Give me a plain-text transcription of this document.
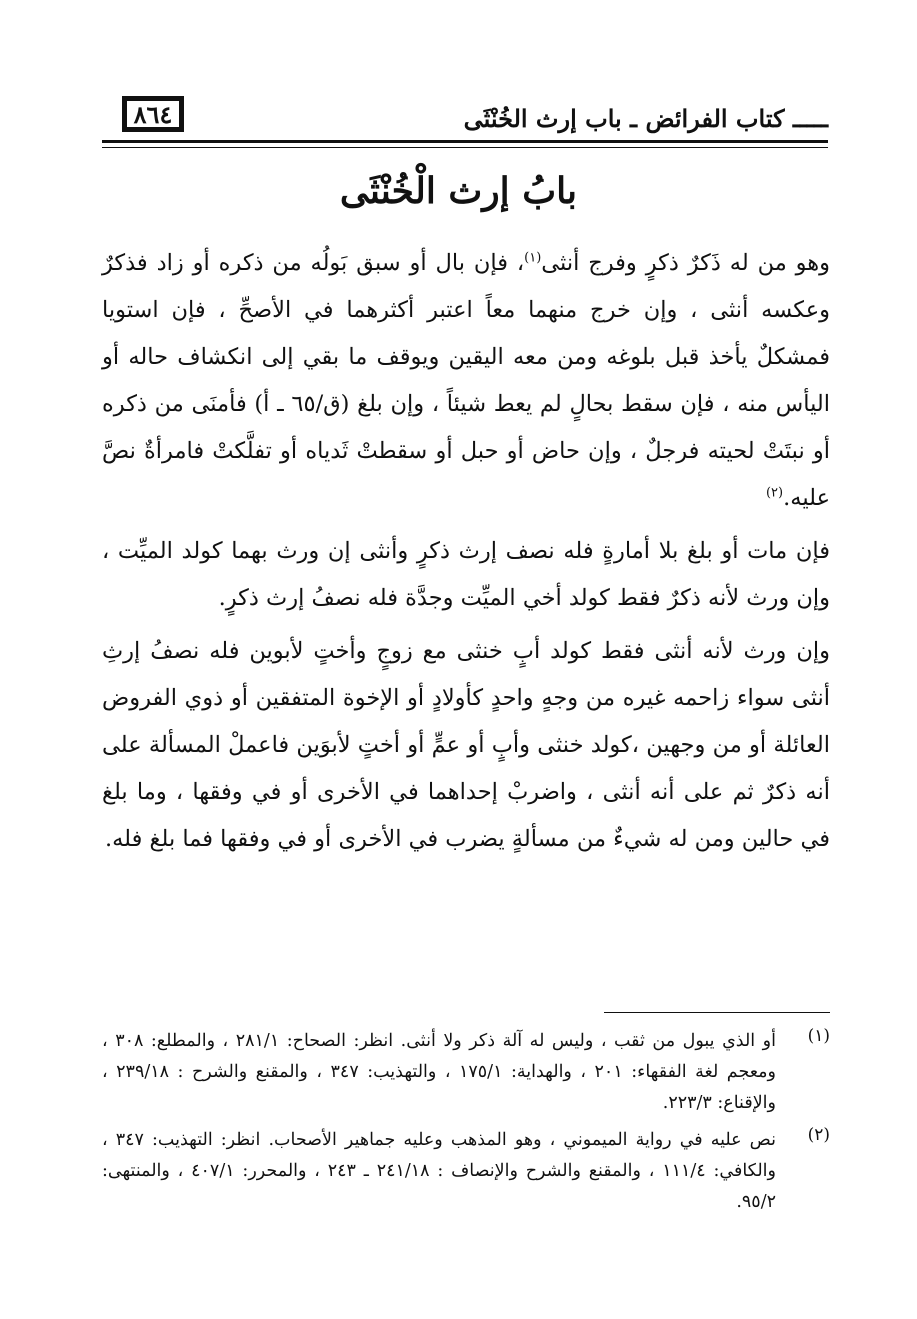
٨٦٤	ـــــ كتاب الفرائض ـ باب إرث الخُنْثَى
بابُ إرث الْخُنْثَى

وهو من له ذَكرٌ ذكرٍ وفرج أنثى$^{(١)}$، فإن بال أو سبق بَولُه من ذكره أو زاد فذكرٌ وعكسه أنثى ، وإن خرج منهما معاً اعتبر أكثرهما في الأصحِّ ، فإن استويا فمشكلٌ يأخذ قبل بلوغه ومن معه اليقين ويوقف ما بقي إلى انكشاف حاله أو اليأس منه ، فإن سقط بحالٍ لم يعط شيئاً ، وإن بلغ (ق/٦٥ ـ أ) فأمنَى من ذكره أو نبتَتْ لحيته فرجلٌ ، وإن حاض أو حبل أو سقطتْ ثَدياه أو تفلَّكتْ فامرأةٌ نصَّ عليه.$^{(٢)}$

فإن مات أو بلغ بلا أمارةٍ فله نصف إرث ذكرٍ وأنثى إن ورث بهما كولد الميِّت ، وإن ورث لأنه ذكرٌ فقط كولد أخي الميِّت وجدَّة فله نصفُ إرث ذكرٍ.

وإن ورث لأنه أنثى فقط كولد أبٍ خنثى مع زوجٍ وأختٍ لأبوين فله نصفُ إرثِ أنثى سواء زاحمه غيره من وجهٍ واحدٍ كأولادٍ أو الإخوة المتفقين أو ذوي الفروض العائلة أو من وجهين ،كولد خنثى وأبٍ أو عمٍّ أو أختٍ لأبوَين فاعملْ المسألة على أنه ذكرٌ ثم على أنه أنثى ، واضربْ إحداهما في الأخرى أو في وفقها ، وما بلغ في حالين ومن له شيءٌ من مسألةٍ يضرب في الأخرى أو في وفقها فما بلغ فله.

(١)
أو الذي يبول من ثقب ، وليس له آلة ذكر ولا أنثى. انظر: الصحاح: ٢٨١/١ ، والمطلع: ٣٠٨ ، ومعجم لغة الفقهاء: ٢٠١ ، والهداية: ١٧٥/١ ، والتهذيب: ٣٤٧ ، والمقنع والشرح : ٢٣٩/١٨ ، والإقناع: ٢٢٣/٣.
(٢)
نص عليه في رواية الميموني ، وهو المذهب وعليه جماهير الأصحاب. انظر: التهذيب: ٣٤٧ ، والكافي: ١١١/٤ ، والمقنع والشرح والإنصاف : ٢٤١/١٨ ـ ٢٤٣ ، والمحرر: ٤٠٧/١ ، والمنتهى: ٩٥/٢.
